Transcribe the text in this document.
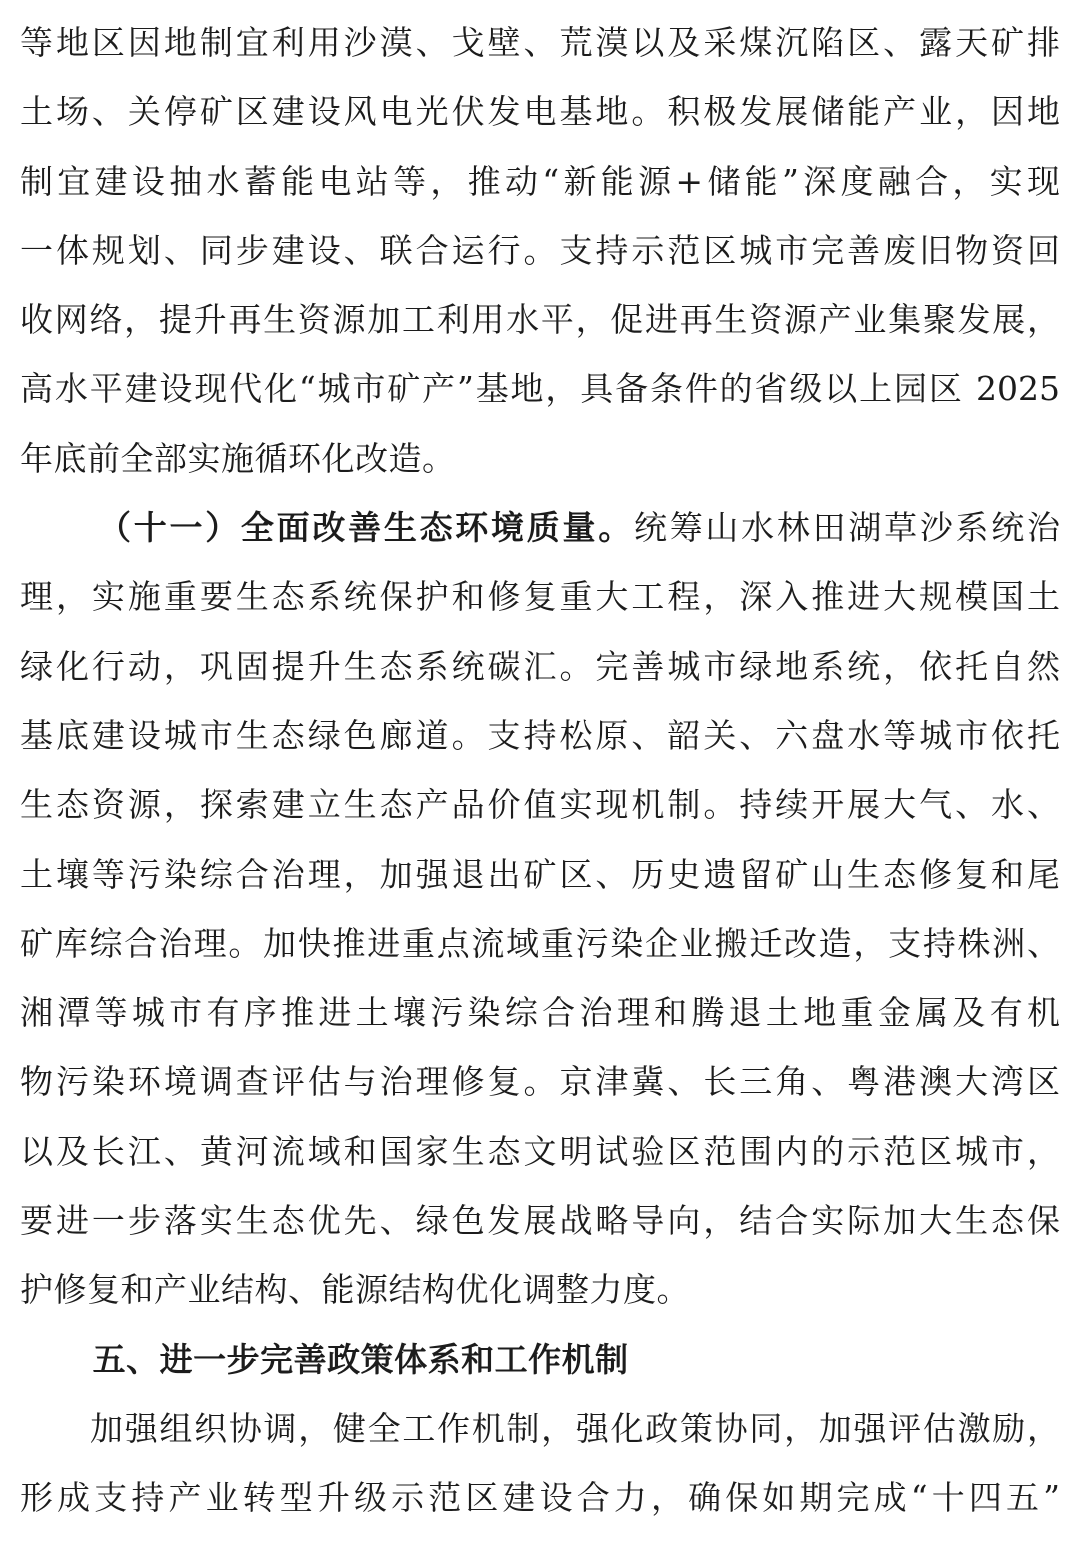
等地区因地制宜利用沙漠、戈壁、荒漠以及采煤沉陷区、露天矿排
土场、关停矿区建设风电光伏发电基地。积极发展储能产业，因地
制宜建设抽水蓄能电站等，推动“新能源+储能”深度融合，实现
一体规划、同步建设、联合运行。支持示范区城市完善废旧物资回
收网络，提升再生资源加工利用水平，促进再生资源产业集聚发展，
高水平建设现代化“城市矿产”基地，具备条件的省级以上园区 2025
年底前全部实施循环化改造。
（十一）全面改善生态环境质量。统筹山水林田湖草沙系统治
理，实施重要生态系统保护和修复重大工程，深入推进大规模国土
绿化行动，巩固提升生态系统碳汇。完善城市绿地系统，依托自然
基底建设城市生态绿色廊道。支持松原、韶关、六盘水等城市依托
生态资源，探索建立生态产品价值实现机制。持续开展大气、水、
土壤等污染综合治理，加强退出矿区、历史遗留矿山生态修复和尾
矿库综合治理。加快推进重点流域重污染企业搬迁改造，支持株洲、
湘潭等城市有序推进土壤污染综合治理和腾退土地重金属及有机
物污染环境调查评估与治理修复。京津冀、长三角、粤港澳大湾区
以及长江、黄河流域和国家生态文明试验区范围内的示范区城市，
要进一步落实生态优先、绿色发展战略导向，结合实际加大生态保
护修复和产业结构、能源结构优化调整力度。
五、进一步完善政策体系和工作机制
加强组织协调，健全工作机制，强化政策协同，加强评估激励，
形成支持产业转型升级示范区建设合力，确保如期完成“十四五”
